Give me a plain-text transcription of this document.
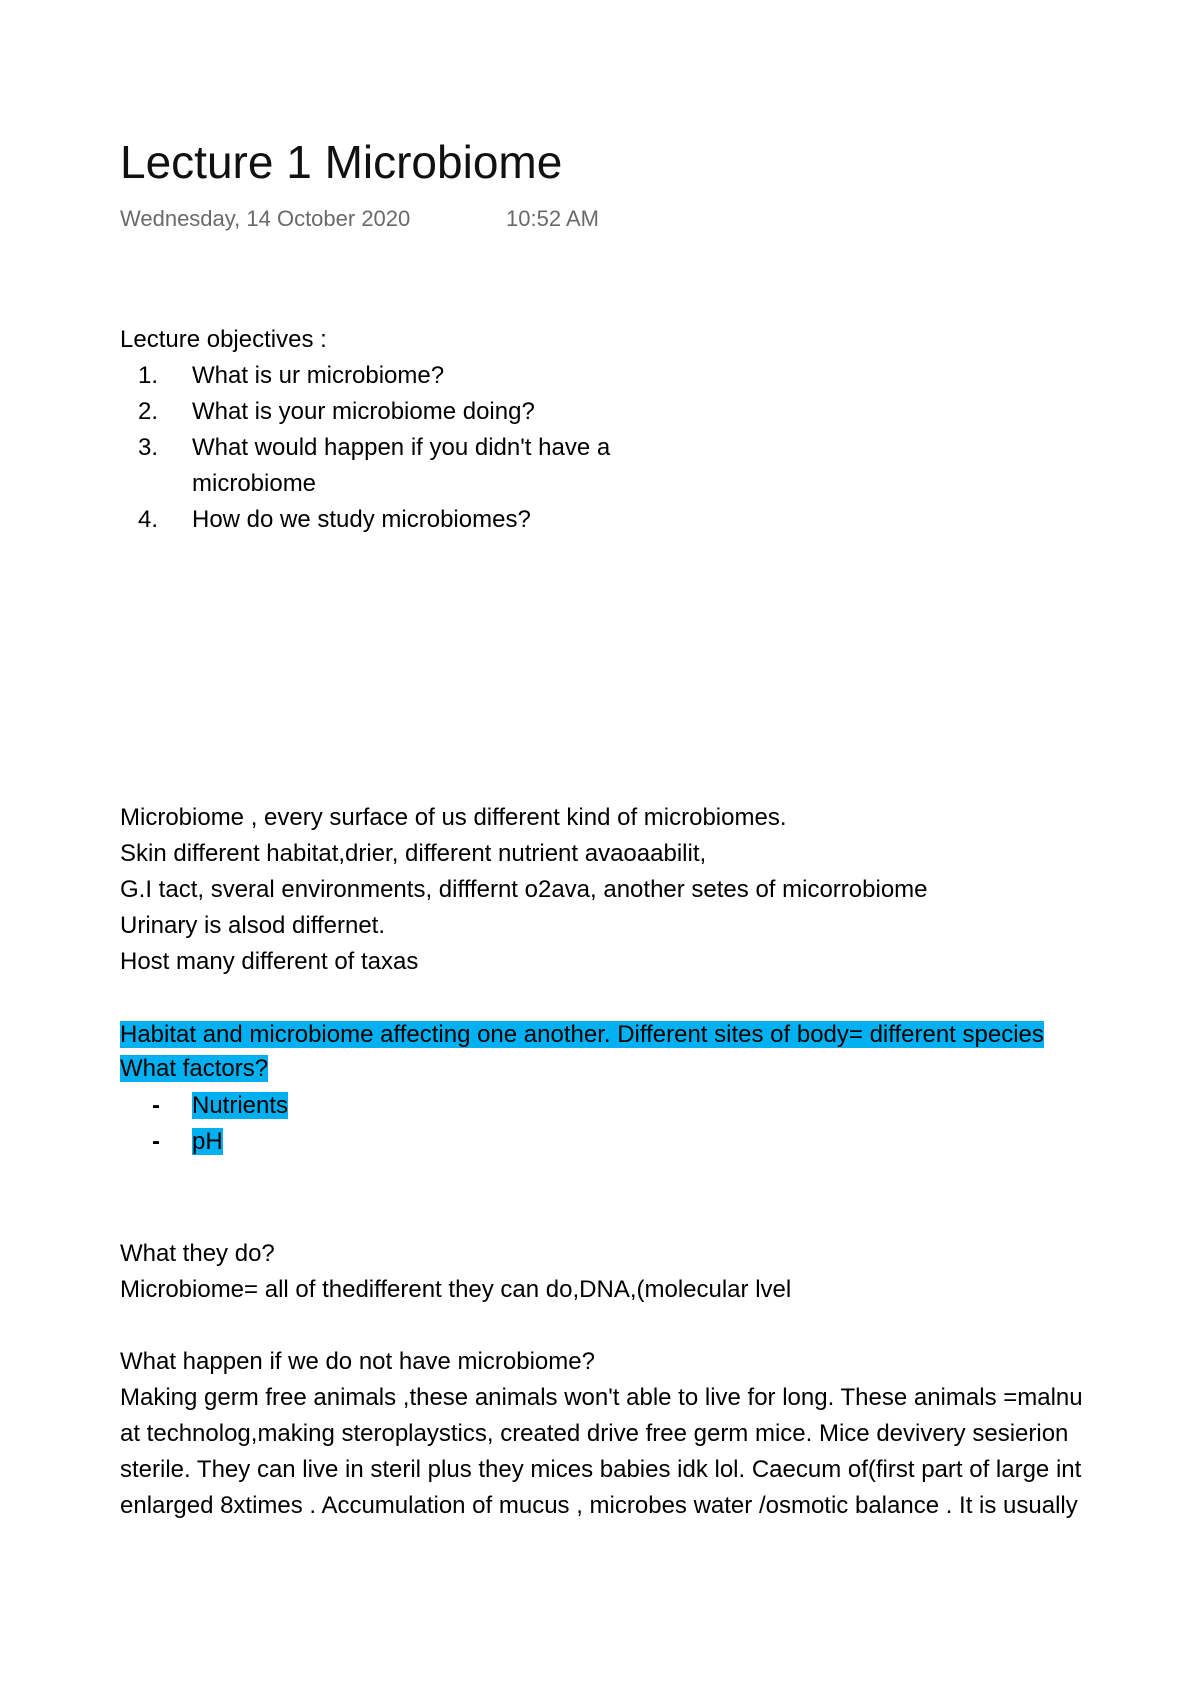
Lecture 1 Microbiome
Wednesday, 14 October 2020	10:52 AM
Lecture objectives :
1. What is ur microbiome?
2. What is your microbiome doing?
3. What would happen if you didn't have a microbiome
4. How do we study microbiomes?
Microbiome , every surface of us different kind of microbiomes.
Skin different habitat,drier, different nutrient avaoaabilit,
G.I tact, sveral environments, difffernt o2ava, another setes of micorrobiome
Urinary is alsod differnet.
Host many different of taxas
Habitat and microbiome affecting one another. Different sites of body= different species
What factors?
- Nutrients
- pH
What they do?
Microbiome= all of thedifferent they can do,DNA,(molecular lvel
What happen if we do not have microbiome?
Making germ free animals ,these animals won't able to live for long. These animals =malnu
at technolog,making steroplaystics, created drive free germ mice. Mice devivery sesierion
sterile. They can live in steril plus they mices babies idk lol. Caecum of(first part of large int
enlarged 8xtimes . Accumulation of mucus , microbes water /osmotic balance . It is usually
